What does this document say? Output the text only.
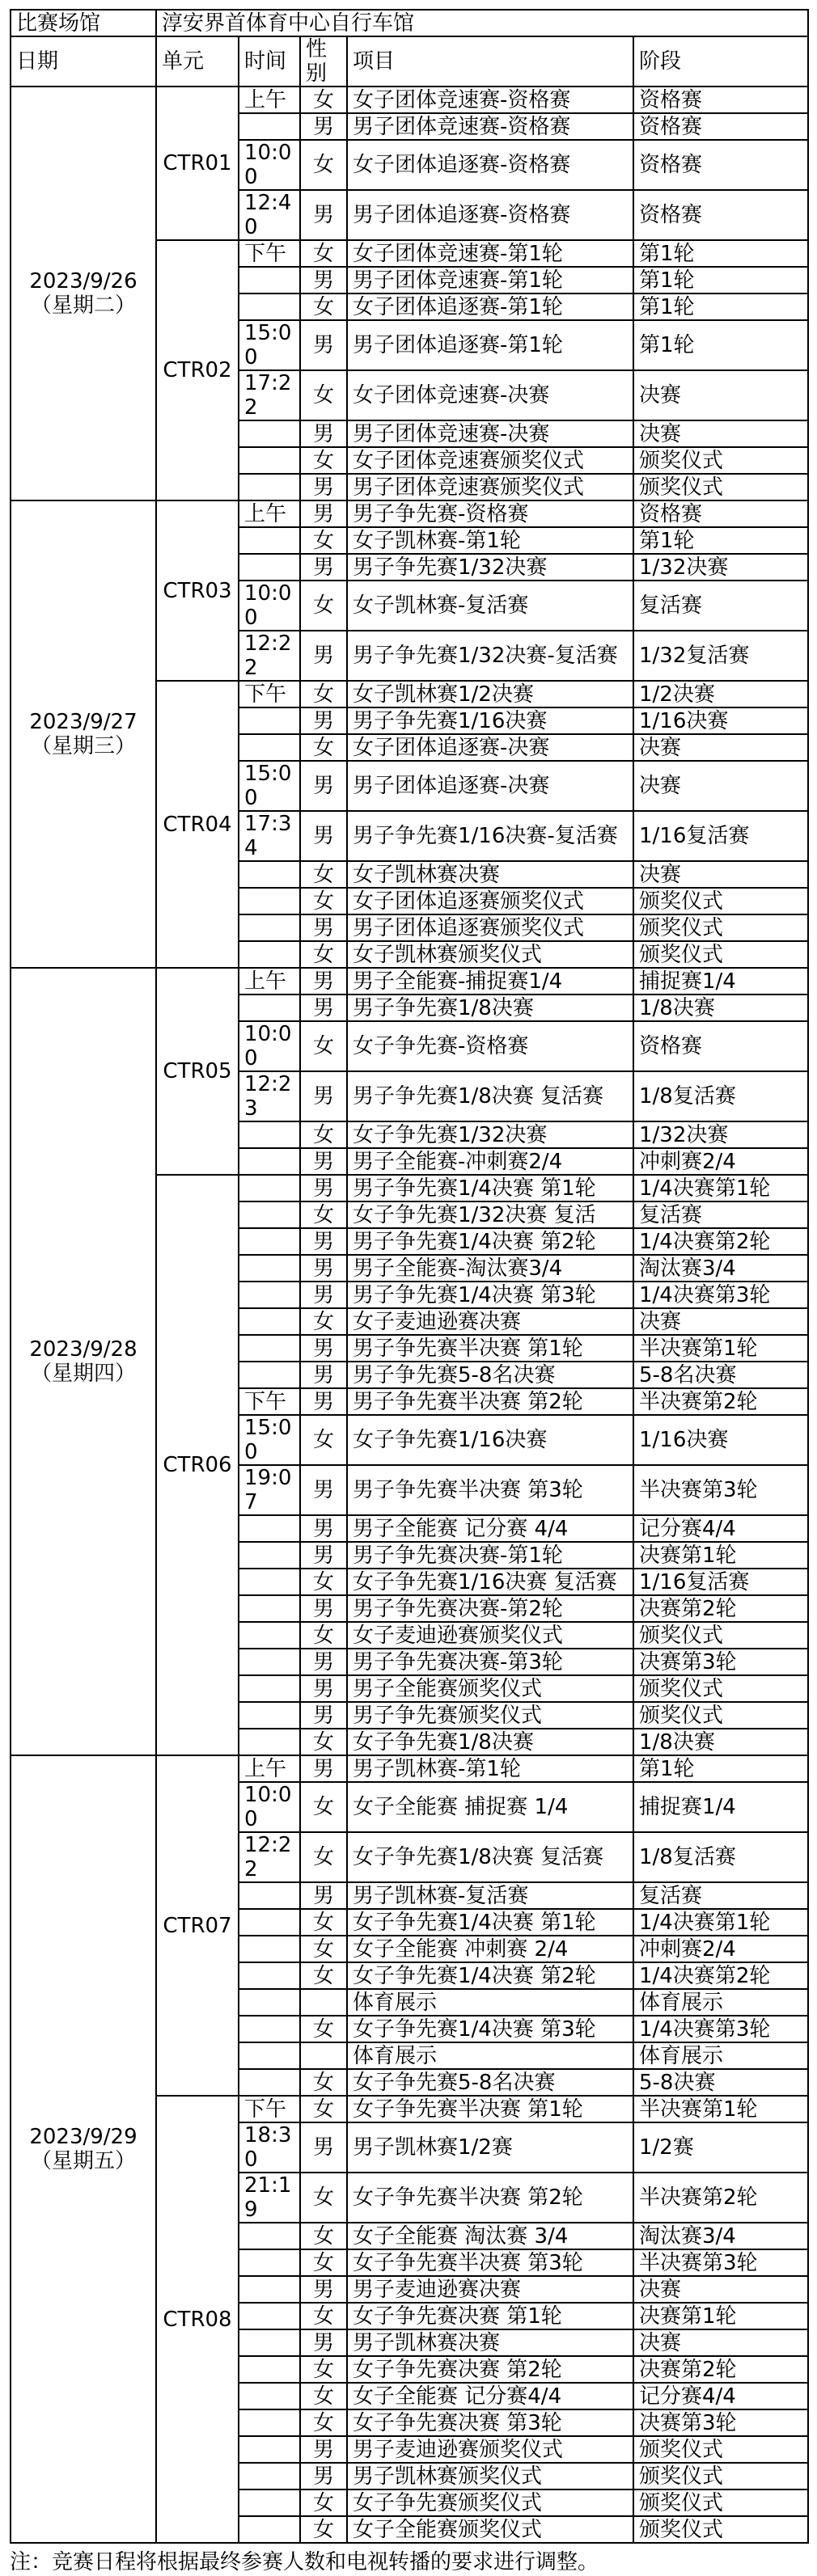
比赛场馆	淳安界首体育中心自行车馆				
日期	单元	时间	性别	项目	阶段

2023/9/26
（星期二）	CTR01	上午	女	女子团体竞速赛-资格赛	资格赛
			男	男子团体竞速赛-资格赛	资格赛
		10:00	女	女子团体追逐赛-资格赛	资格赛
		12:40	男	男子团体追逐赛-资格赛	资格赛
	CTR02	下午	女	女子团体竞速赛-第1轮	第1轮
			男	男子团体竞速赛-第1轮	第1轮
			女	女子团体追逐赛-第1轮	第1轮
		15:00	男	男子团体追逐赛-第1轮	第1轮
		17:22	女	女子团体竞速赛-决赛	决赛
			男	男子团体竞速赛-决赛	决赛
			女	女子团体竞速赛颁奖仪式	颁奖仪式
			男	男子团体竞速赛颁奖仪式	颁奖仪式

2023/9/27
（星期三）	CTR03	上午	男	男子争先赛-资格赛	资格赛
			女	女子凯林赛-第1轮	第1轮
			男	男子争先赛1/32决赛	1/32决赛
		10:00	女	女子凯林赛-复活赛	复活赛
		12:22	男	男子争先赛1/32决赛-复活赛	1/32复活赛
	CTR04	下午	女	女子凯林赛1/2决赛	1/2决赛
			男	男子争先赛1/16决赛	1/16决赛
			女	女子团体追逐赛-决赛	决赛
		15:00	男	男子团体追逐赛-决赛	决赛
		17:34	男	男子争先赛1/16决赛-复活赛	1/16复活赛
			女	女子凯林赛决赛	决赛
			女	女子团体追逐赛颁奖仪式	颁奖仪式
			男	男子团体追逐赛颁奖仪式	颁奖仪式
			女	女子凯林赛颁奖仪式	颁奖仪式

2023/9/28
（星期四）	CTR05	上午	男	男子全能赛-捕捉赛1/4	捕捉赛1/4
			男	男子争先赛1/8决赛	1/8决赛
		10:00	女	女子争先赛-资格赛	资格赛
		12:23	男	男子争先赛1/8决赛 复活赛	1/8复活赛
			女	女子争先赛1/32决赛	1/32决赛
			男	男子全能赛-冲刺赛2/4	冲刺赛2/4
	CTR06		男	男子争先赛1/4决赛 第1轮	1/4决赛第1轮
			女	女子争先赛1/32决赛 复活	复活赛
			男	男子争先赛1/4决赛 第2轮	1/4决赛第2轮
			男	男子全能赛-淘汰赛3/4	淘汰赛3/4
			男	男子争先赛1/4决赛 第3轮	1/4决赛第3轮
			女	女子麦迪逊赛决赛	决赛
			男	男子争先赛半决赛 第1轮	半决赛第1轮
			男	男子争先赛5-8名决赛	5-8名决赛
		下午	男	男子争先赛半决赛 第2轮	半决赛第2轮
		15:00	女	女子争先赛1/16决赛	1/16决赛
		19:07	男	男子争先赛半决赛 第3轮	半决赛第3轮
			男	男子全能赛 记分赛 4/4	记分赛4/4
			男	男子争先赛决赛-第1轮	决赛第1轮
			女	女子争先赛1/16决赛 复活赛	1/16复活赛
			男	男子争先赛决赛-第2轮	决赛第2轮
			女	女子麦迪逊赛颁奖仪式	颁奖仪式
			男	男子争先赛决赛-第3轮	决赛第3轮
			男	男子全能赛颁奖仪式	颁奖仪式
			男	男子争先赛颁奖仪式	颁奖仪式
			女	女子争先赛1/8决赛	1/8决赛

2023/9/29
（星期五）	CTR07	上午	男	男子凯林赛-第1轮	第1轮
		10:00	女	女子全能赛 捕捉赛 1/4	捕捉赛1/4
		12:22	女	女子争先赛1/8决赛 复活赛	1/8复活赛
			男	男子凯林赛-复活赛	复活赛
			女	女子争先赛1/4决赛 第1轮	1/4决赛第1轮
			女	女子全能赛 冲刺赛 2/4	冲刺赛2/4
			女	女子争先赛1/4决赛 第2轮	1/4决赛第2轮
				体育展示	体育展示
			女	女子争先赛1/4决赛 第3轮	1/4决赛第3轮
				体育展示	体育展示
			女	女子争先赛5-8名决赛	5-8决赛
	CTR08	下午	女	女子争先赛半决赛 第1轮	半决赛第1轮
		18:30	男	男子凯林赛1/2赛	1/2赛
		21:19	女	女子争先赛半决赛 第2轮	半决赛第2轮
			女	女子全能赛 淘汰赛 3/4	淘汰赛3/4
			女	女子争先赛半决赛 第3轮	半决赛第3轮
			男	男子麦迪逊赛决赛	决赛
			女	女子争先赛决赛 第1轮	决赛第1轮
			男	男子凯林赛决赛	决赛
			女	女子争先赛决赛 第2轮	决赛第2轮
			女	女子全能赛 记分赛4/4	记分赛4/4
			女	女子争先赛决赛 第3轮	决赛第3轮
			男	男子麦迪逊赛颁奖仪式	颁奖仪式
			男	男子凯林赛颁奖仪式	颁奖仪式
			女	女子争先赛颁奖仪式	颁奖仪式
			女	女子全能赛颁奖仪式	颁奖仪式
注：竞赛日程将根据最终参赛人数和电视转播的要求进行调整。
